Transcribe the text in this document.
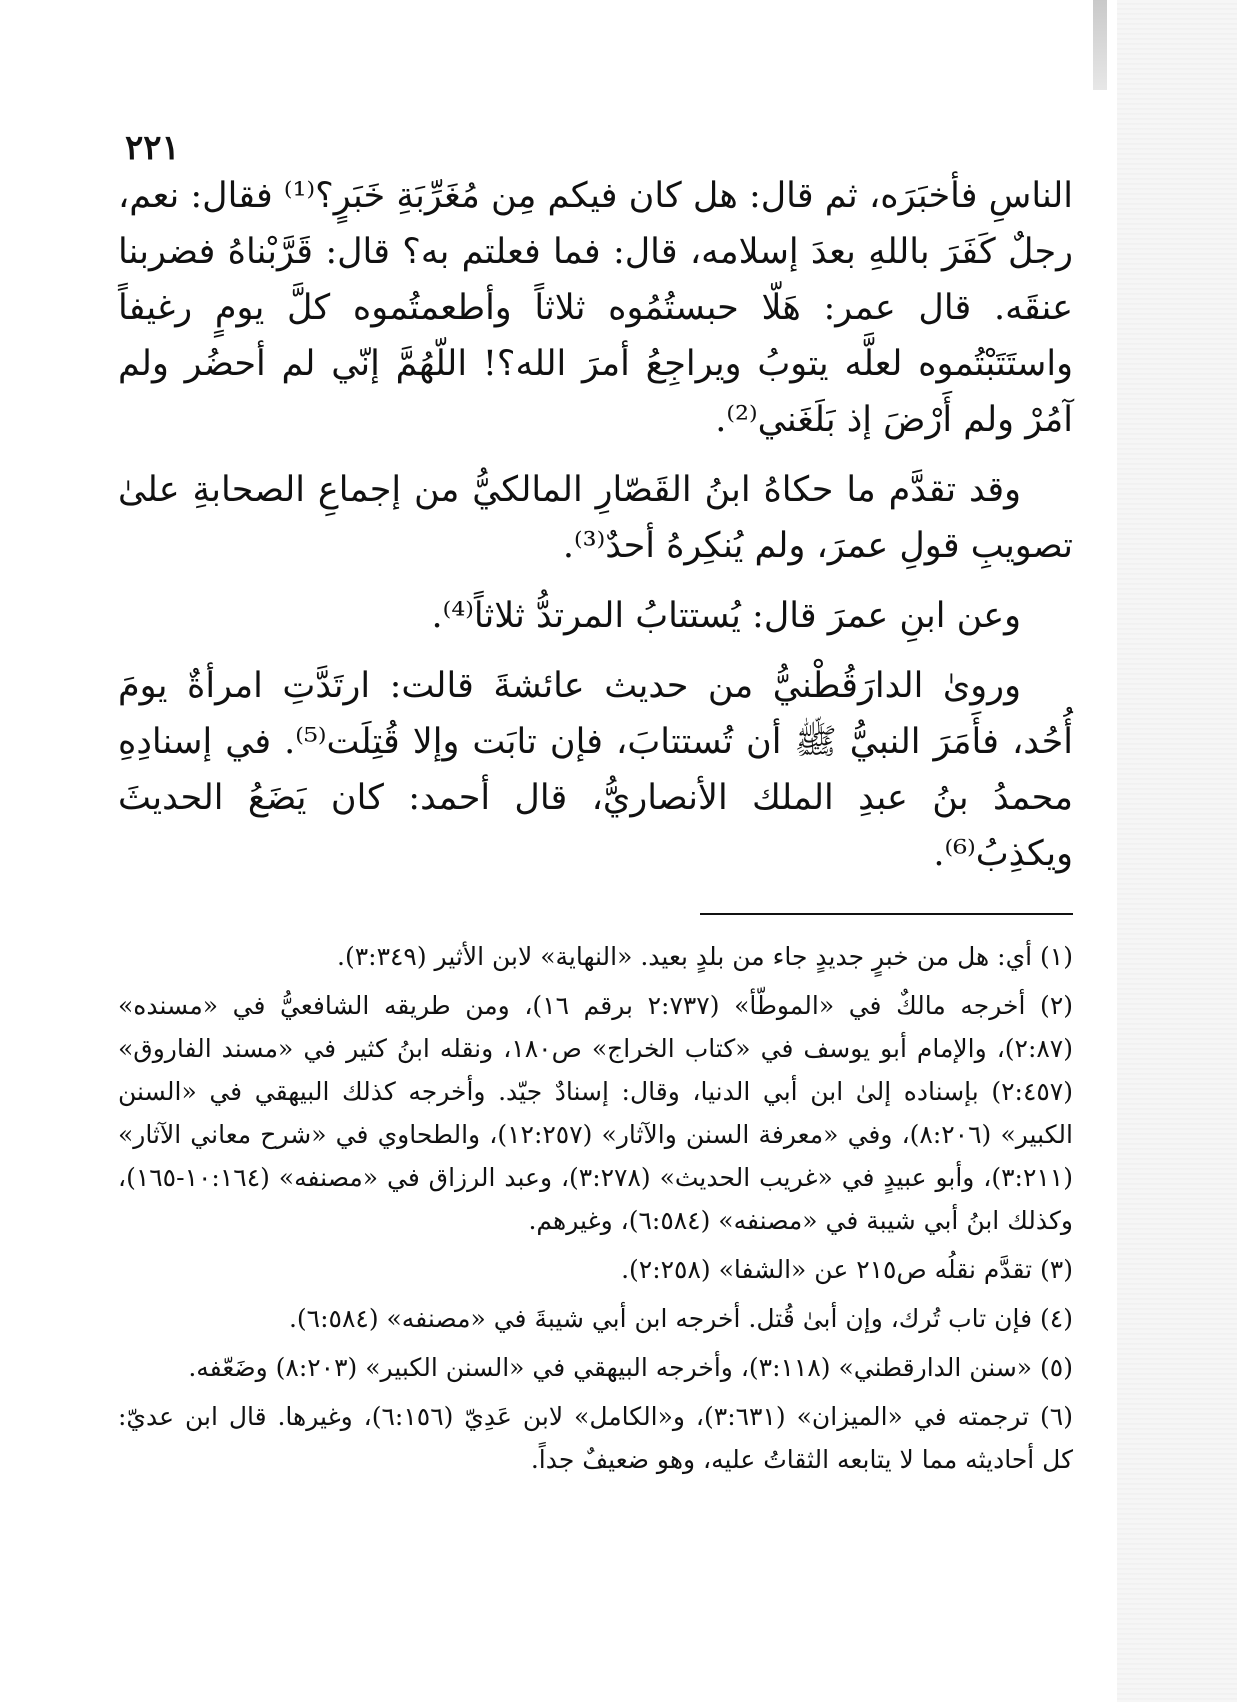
٢٢١

الناسِ فأخبَرَه، ثم قال: هل كان فيكم مِن مُغَرِّبَةِ خَبَرٍ؟⁽¹⁾ فقال: نعم، رجلٌ كَفَرَ باللهِ بعدَ إسلامه، قال: فما فعلتم به؟ قال: قَرَّبْناهُ فضربنا عنقَه. قال عمر: هَلّا حبستُمُوه ثلاثاً وأطعمتُموه كلَّ يومٍ رغيفاً واستَتَبْتُموه لعلَّه يتوبُ ويراجِعُ أمرَ الله؟! اللّهُمَّ إنّي لم أحضُر ولم آمُرْ ولم أَرْضَ إذ بَلَغَني⁽²⁾.

وقد تقدَّم ما حكاهُ ابنُ القَصّارِ المالكيُّ من إجماعِ الصحابةِ علىٰ تصويبِ قولِ عمرَ، ولم يُنكِرهُ أحدٌ⁽³⁾.

وعن ابنِ عمرَ قال: يُستتابُ المرتدُّ ثلاثاً⁽⁴⁾.

وروىٰ الدارَقُطْنيُّ من حديث عائشةَ قالت: ارتَدَّتِ امرأةٌ يومَ أُحُد، فأَمَرَ النبيُّ ﷺ أن تُستتابَ، فإن تابَت وإلا قُتِلَت⁽⁵⁾. في إسنادِهِ محمدُ بنُ عبدِ الملك الأنصاريُّ، قال أحمد: كان يَضَعُ الحديثَ ويكذِبُ⁽⁶⁾.

(١) أي: هل من خبرٍ جديدٍ جاء من بلدٍ بعيد. «النهاية» لابن الأثير (٣:٣٤٩).

(٢) أخرجه مالكٌ في «الموطّأ» (٢:٧٣٧ برقم ١٦)، ومن طريقه الشافعيُّ في «مسنده» (٢:٨٧)، والإمام أبو يوسف في «كتاب الخراج» ص١٨٠، ونقله ابنُ كثير في «مسند الفاروق» (٢:٤٥٧) بإسناده إلىٰ ابن أبي الدنيا، وقال: إسنادٌ جيّد. وأخرجه كذلك البيهقي في «السنن الكبير» (٨:٢٠٦)، وفي «معرفة السنن والآثار» (١٢:٢٥٧)، والطحاوي في «شرح معاني الآثار» (٣:٢١١)، وأبو عبيدٍ في «غريب الحديث» (٣:٢٧٨)، وعبد الرزاق في «مصنفه» (١٠:١٦٤-١٦٥)، وكذلك ابنُ أبي شيبة في «مصنفه» (٦:٥٨٤)، وغيرهم.

(٣) تقدَّم نقلُه ص٢١٥ عن «الشفا» (٢:٢٥٨).

(٤) فإن تاب تُرك، وإن أبىٰ قُتل. أخرجه ابن أبي شيبةَ في «مصنفه» (٦:٥٨٤).

(٥) «سنن الدارقطني» (٣:١١٨)، وأخرجه البيهقي في «السنن الكبير» (٨:٢٠٣) وضَعّفه.

(٦) ترجمته في «الميزان» (٣:٦٣١)، و«الكامل» لابن عَدِيّ (٦:١٥٦)، وغيرها. قال ابن عديّ: كل أحاديثه مما لا يتابعه الثقاتُ عليه، وهو ضعيفٌ جداً.
